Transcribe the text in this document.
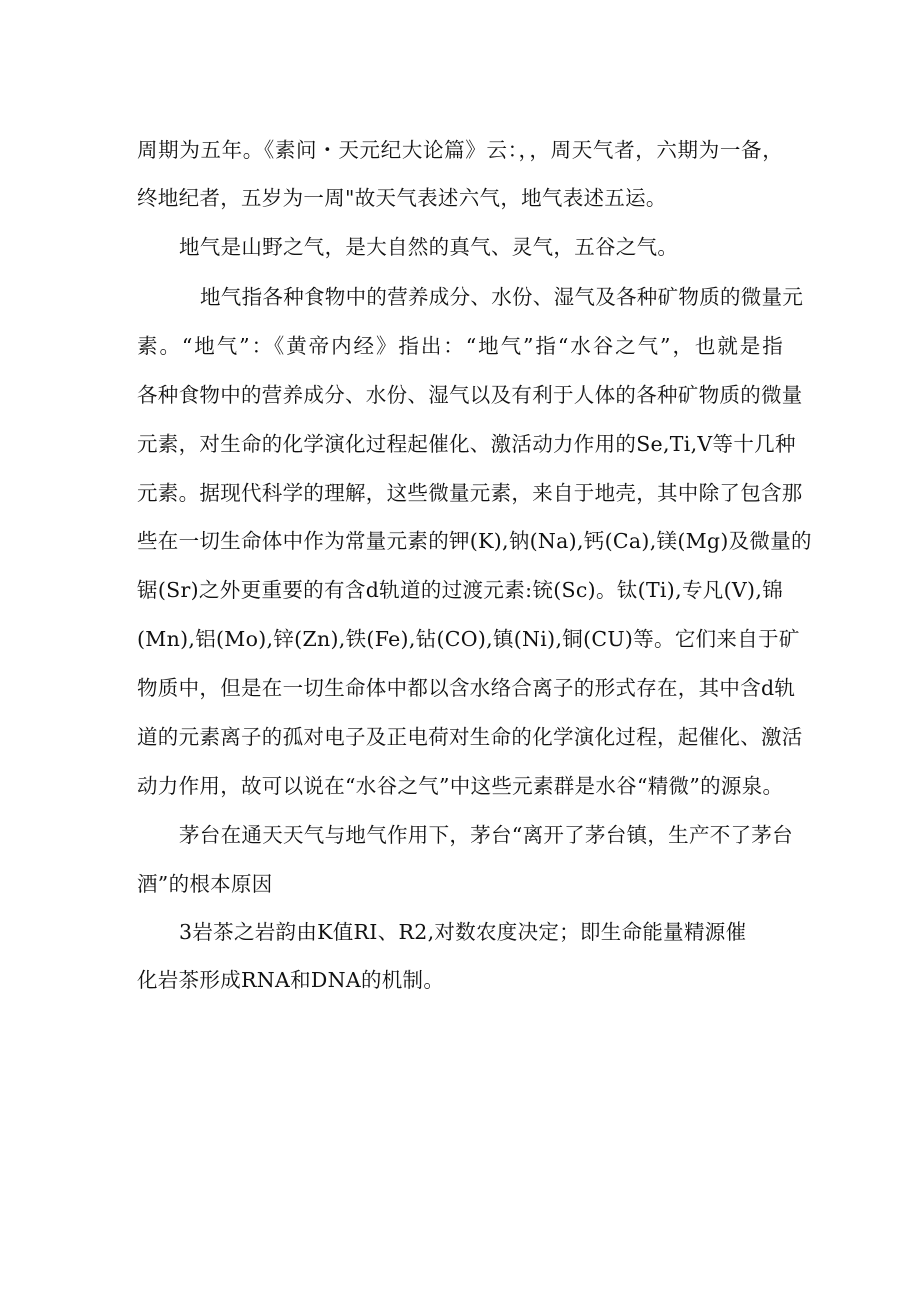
周期为五年。《素问・天元纪大论篇》云：，，周天气者，六期为一备，
终地纪者，五岁为一周"故天气表述六气，地气表述五运。
地气是山野之气，是大自然的真气、灵气，五谷之气。
地气指各种食物中的营养成分、水份、湿气及各种矿物质的微量元
素。“地气”：《黄帝内经》指出：“地气”指“水谷之气”，也就是指
各种食物中的营养成分、水份、湿气以及有利于人体的各种矿物质的微量
元素，对生命的化学演化过程起催化、激活动力作用的Se,Ti,V等十几种
元素。据现代科学的理解，这些微量元素，来自于地壳，其中除了包含那
些在一切生命体中作为常量元素的钾(K),钠(Na),钙(Ca),镁(Mg)及微量的
锯(Sr)之外更重要的有含d轨道的过渡元素:铳(Sc)。钛(Ti),专凡(V),锦
(Mn),铝(Mo),锌(Zn),铁(Fe),钻(CO),镇(Ni),铜(CU)等。它们来自于矿
物质中，但是在一切生命体中都以含水络合离子的形式存在，其中含d轨
道的元素离子的孤对电子及正电荷对生命的化学演化过程，起催化、激活
动力作用，故可以说在“水谷之气”中这些元素群是水谷“精微”的源泉。
茅台在通天天气与地气作用下，茅台“离开了茅台镇，生产不了茅台
酒”的根本原因
3岩茶之岩韵由K值RI、R2,对数农度决定；即生命能量精源催
化岩茶形成RNA和DNA的机制。
